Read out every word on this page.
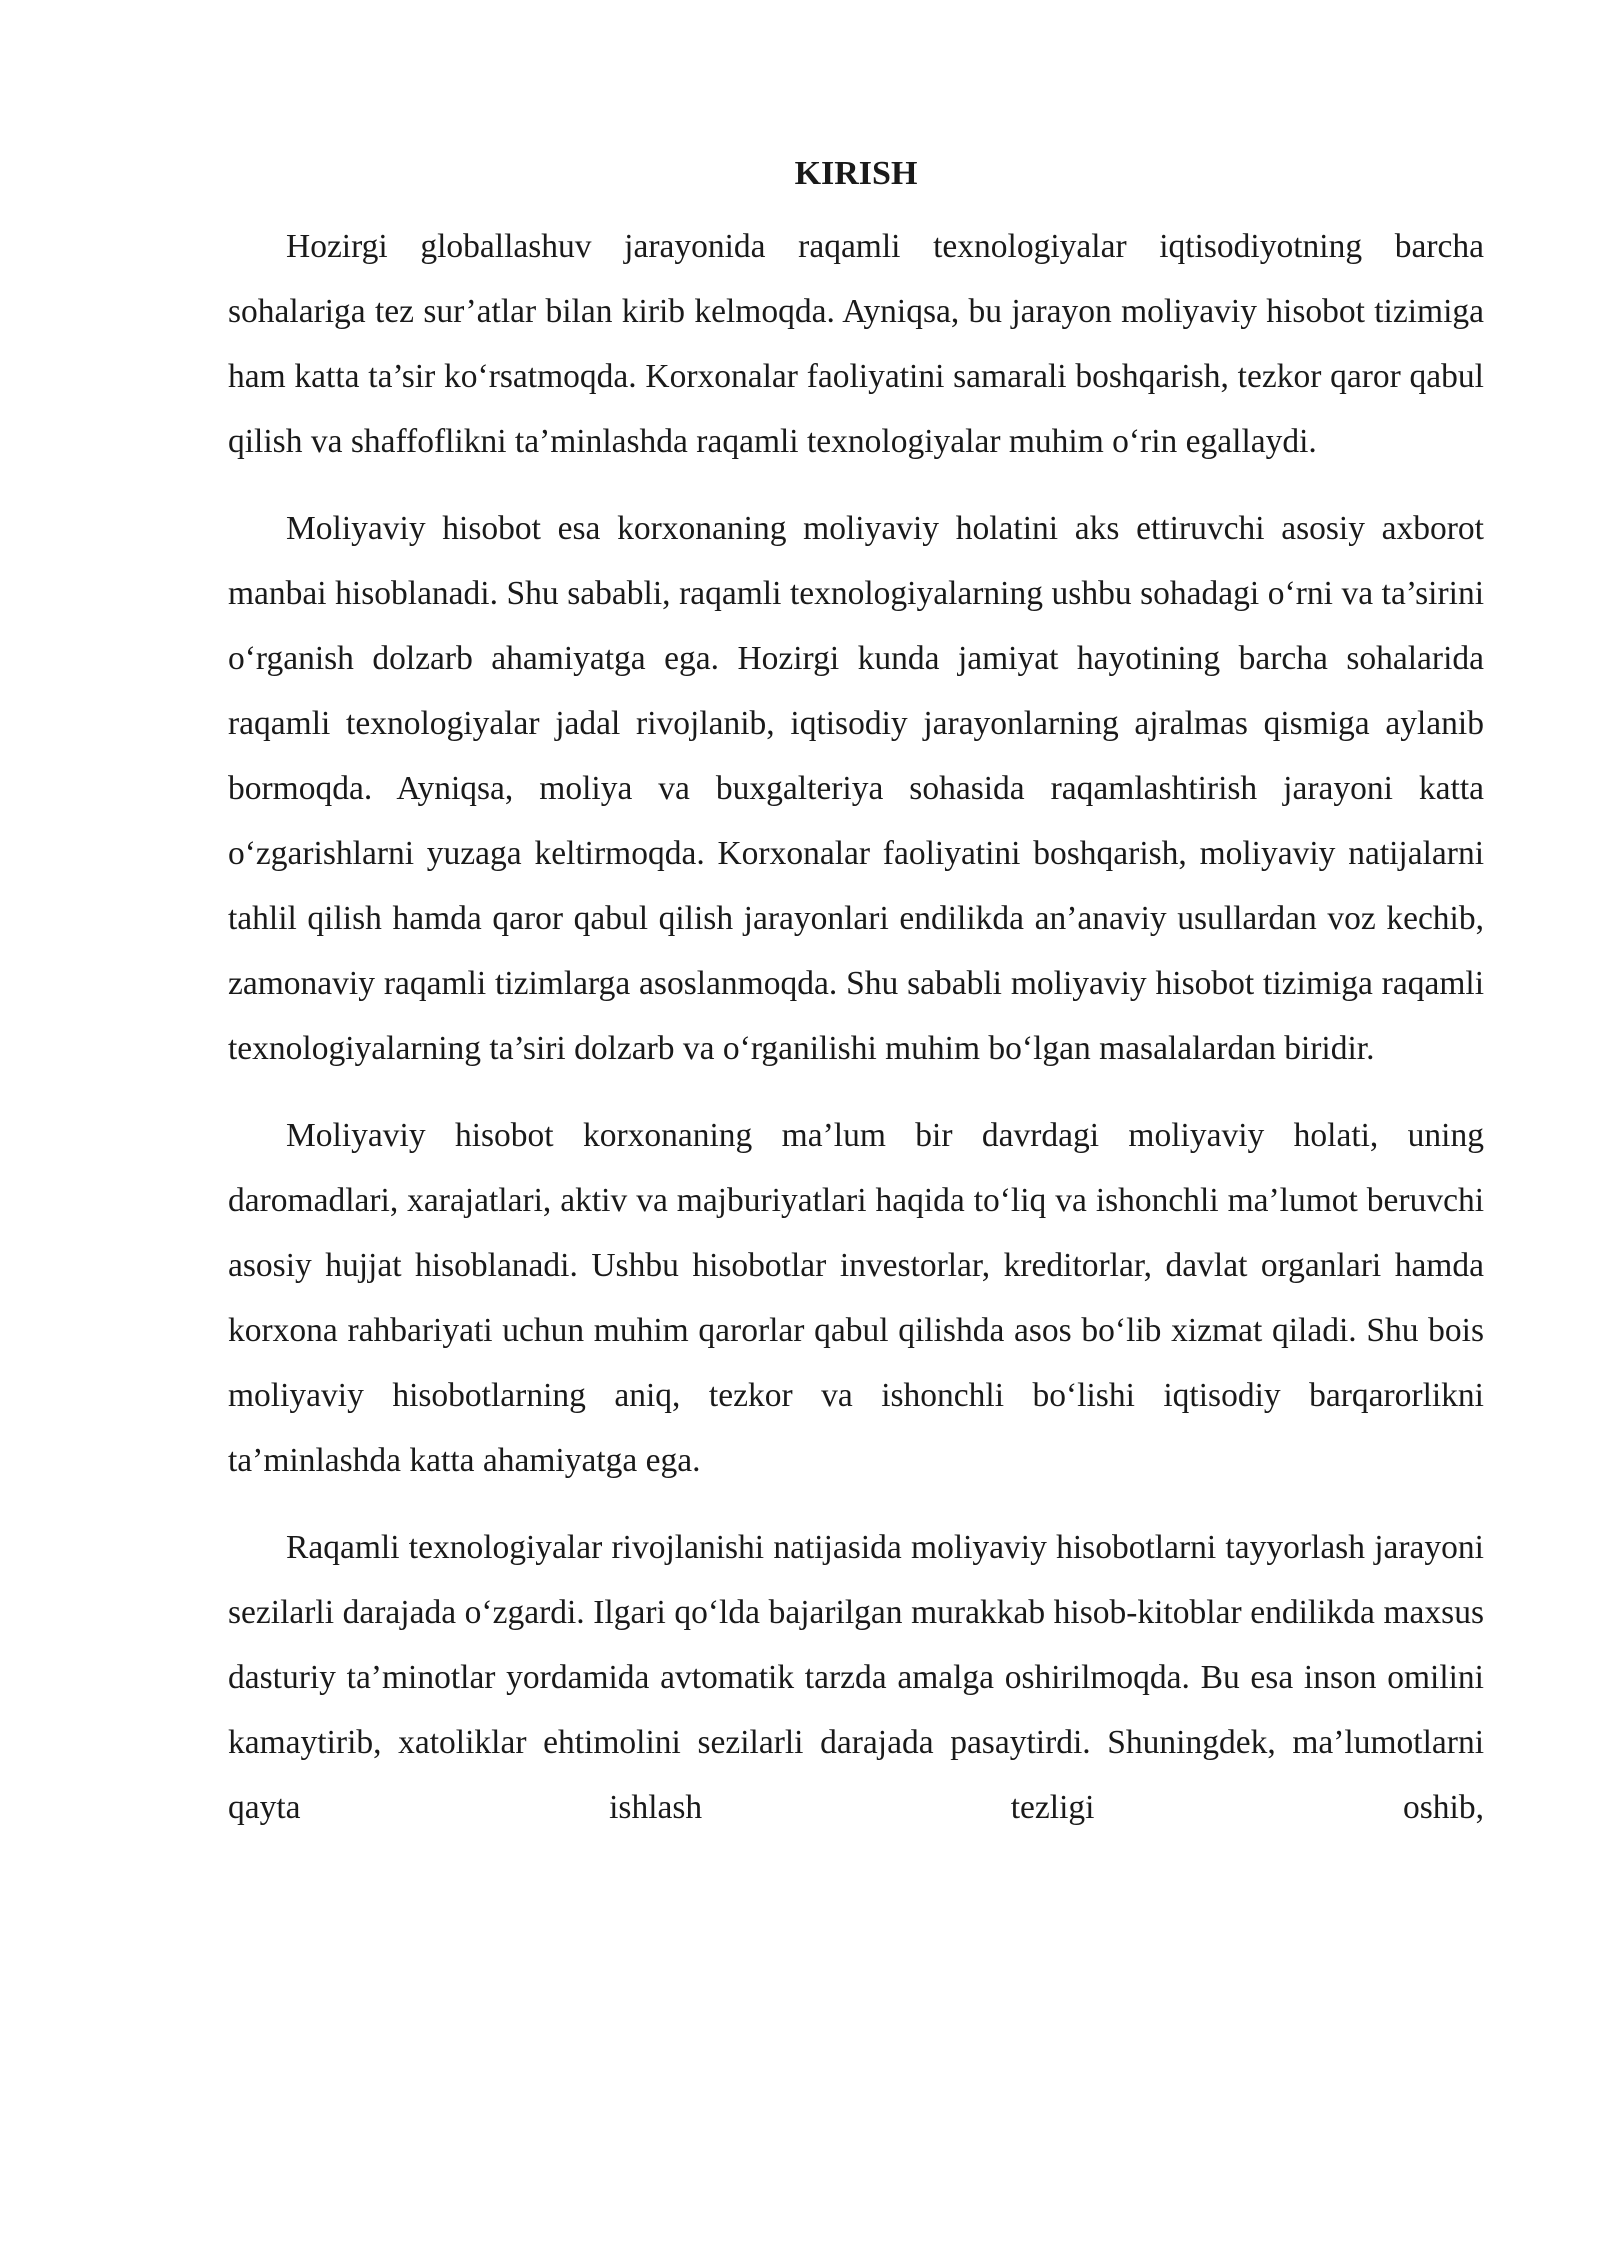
KIRISH

Hozirgi globallashuv jarayonida raqamli texnologiyalar iqtisodiyotning barcha sohalariga tez sur’atlar bilan kirib kelmoqda. Ayniqsa, bu jarayon moliyaviy hisobot tizimiga ham katta ta’sir ko‘rsatmoqda. Korxonalar faoliyatini samarali boshqarish, tezkor qaror qabul qilish va shaffoflikni ta’minlashda raqamli texnologiyalar muhim o‘rin egallaydi.

Moliyaviy hisobot esa korxonaning moliyaviy holatini aks ettiruvchi asosiy axborot manbai hisoblanadi. Shu sababli, raqamli texnologiyalarning ushbu sohadagi o‘rni va ta’sirini o‘rganish dolzarb ahamiyatga ega. Hozirgi kunda jamiyat hayotining barcha sohalarida raqamli texnologiyalar jadal rivojlanib, iqtisodiy jarayonlarning ajralmas qismiga aylanib bormoqda. Ayniqsa, moliya va buxgalteriya sohasida raqamlashtirish jarayoni katta o‘zgarishlarni yuzaga keltirmoqda. Korxonalar faoliyatini boshqarish, moliyaviy natijalarni tahlil qilish hamda qaror qabul qilish jarayonlari endilikda an’anaviy usullardan voz kechib, zamonaviy raqamli tizimlarga asoslanmoqda. Shu sababli moliyaviy hisobot tizimiga raqamli texnologiyalarning ta’siri dolzarb va o‘rganilishi muhim bo‘lgan masalalardan biridir.

Moliyaviy hisobot korxonaning ma’lum bir davrdagi moliyaviy holati, uning daromadlari, xarajatlari, aktiv va majburiyatlari haqida to‘liq va ishonchli ma’lumot beruvchi asosiy hujjat hisoblanadi. Ushbu hisobotlar investorlar, kreditorlar, davlat organlari hamda korxona rahbariyati uchun muhim qarorlar qabul qilishda asos bo‘lib xizmat qiladi. Shu bois moliyaviy hisobotlarning aniq, tezkor va ishonchli bo‘lishi iqtisodiy barqarorlikni ta’minlashda katta ahamiyatga ega.

Raqamli texnologiyalar rivojlanishi natijasida moliyaviy hisobotlarni tayyorlash jarayoni sezilarli darajada o‘zgardi. Ilgari qo‘lda bajarilgan murakkab hisob-kitoblar endilikda maxsus dasturiy ta’minotlar yordamida avtomatik tarzda amalga oshirilmoqda. Bu esa inson omilini kamaytirib, xatoliklar ehtimolini sezilarli darajada pasaytirdi. Shuningdek, ma’lumotlarni qayta ishlash tezligi oshib,
